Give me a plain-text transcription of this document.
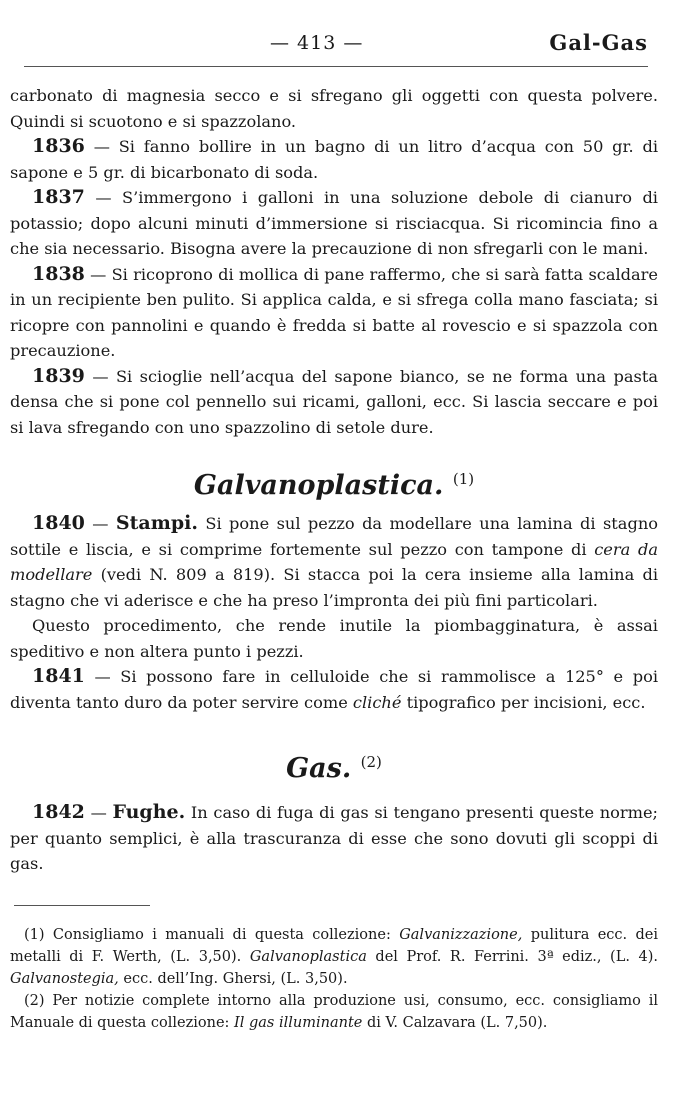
— 413 —	Gal-Gas

carbonato di magnesia secco e si sfregano gli oggetti con questa polvere. Quindi si scuotono e si spazzolano.

1836 — Si fanno bollire in un bagno di un litro d’acqua con 50 gr. di sapone e 5 gr. di bicarbonato di soda.

1837 — S’immergono i galloni in una soluzione debole di cianuro di potassio; dopo alcuni minuti d’immersione si risciacqua. Si ricomincia fino a che sia necessario. Bisogna avere la precauzione di non sfregarli con le mani.

1838 — Si ricoprono di mollica di pane raffermo, che si sarà fatta scaldare in un recipiente ben pulito. Si applica calda, e si sfrega colla mano fasciata; si ricopre con pannolini e quando è fredda si batte al rovescio e si spazzola con precauzione.

1839 — Si scioglie nell’acqua del sapone bianco, se ne forma una pasta densa che si pone col pennello sui ricami, galloni, ecc. Si lascia seccare e poi si lava sfregando con uno spazzolino di setole dure.

Galvanoplastica. $^{(1)}$

1840 — Stampi. Si pone sul pezzo da modellare una lamina di stagno sottile e liscia, e si comprime fortemente sul pezzo con tampone di cera da modellare (vedi N. 809 a 819). Si stacca poi la cera insieme alla lamina di stagno che vi aderisce e che ha preso l’impronta dei più fini particolari.

Questo procedimento, che rende inutile la piombagginatura, è assai speditivo e non altera punto i pezzi.

1841 — Si possono fare in celluloide che si rammolisce a 125° e poi diventa tanto duro da poter servire come cliché tipografico per incisioni, ecc.

Gas. $^{(2)}$

1842 — Fughe. In caso di fuga di gas si tengano presenti queste norme; per quanto semplici, è alla trascuranza di esse che sono dovuti gli scoppi di gas.

(1) Consigliamo i manuali di questa collezione: Galvanizzazione, pulitura ecc. dei metalli di F. Werth, (L. 3,50). Galvanoplastica del Prof. R. Ferrini. 3ª ediz., (L. 4). Galvanostegia, ecc. dell’Ing. Ghersi, (L. 3,50).

(2) Per notizie complete intorno alla produzione usi, consumo, ecc. consigliamo il Manuale di questa collezione: Il gas illuminante di V. Calzavara (L. 7,50).
